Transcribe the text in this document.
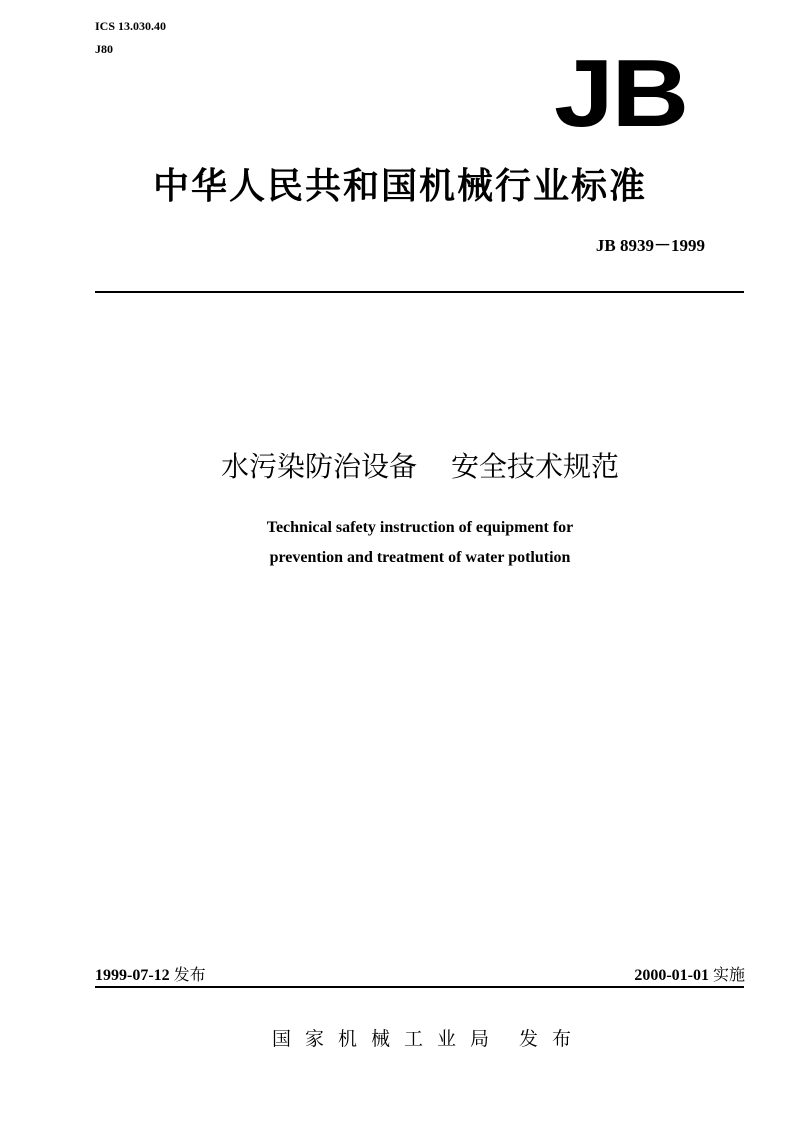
ICS 13.030.40
J80	JB
中华人民共和国机械行业标准
JB 8939－1999
水污染防治设备 安全技术规范
Technical safety instruction of equipment for
prevention and treatment of water potlution
1999-07-12 发布	2000-01-01 实施
国家机械工业局 发布
